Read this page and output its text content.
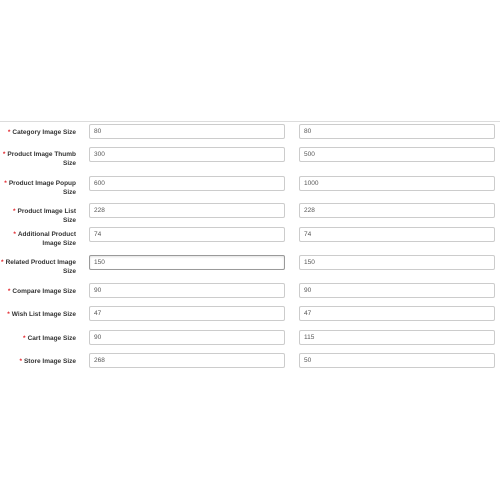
* Category Image Size
80
80
* Product Image Thumb Size
300
500
* Product Image Popup Size
600
1000
* Product Image List Size
228
228
* Additional Product Image Size
74
74
* Related Product Image Size
150
150
* Compare Image Size
90
90
* Wish List Image Size
47
47
* Cart Image Size
90
115
* Store Image Size
268
50
